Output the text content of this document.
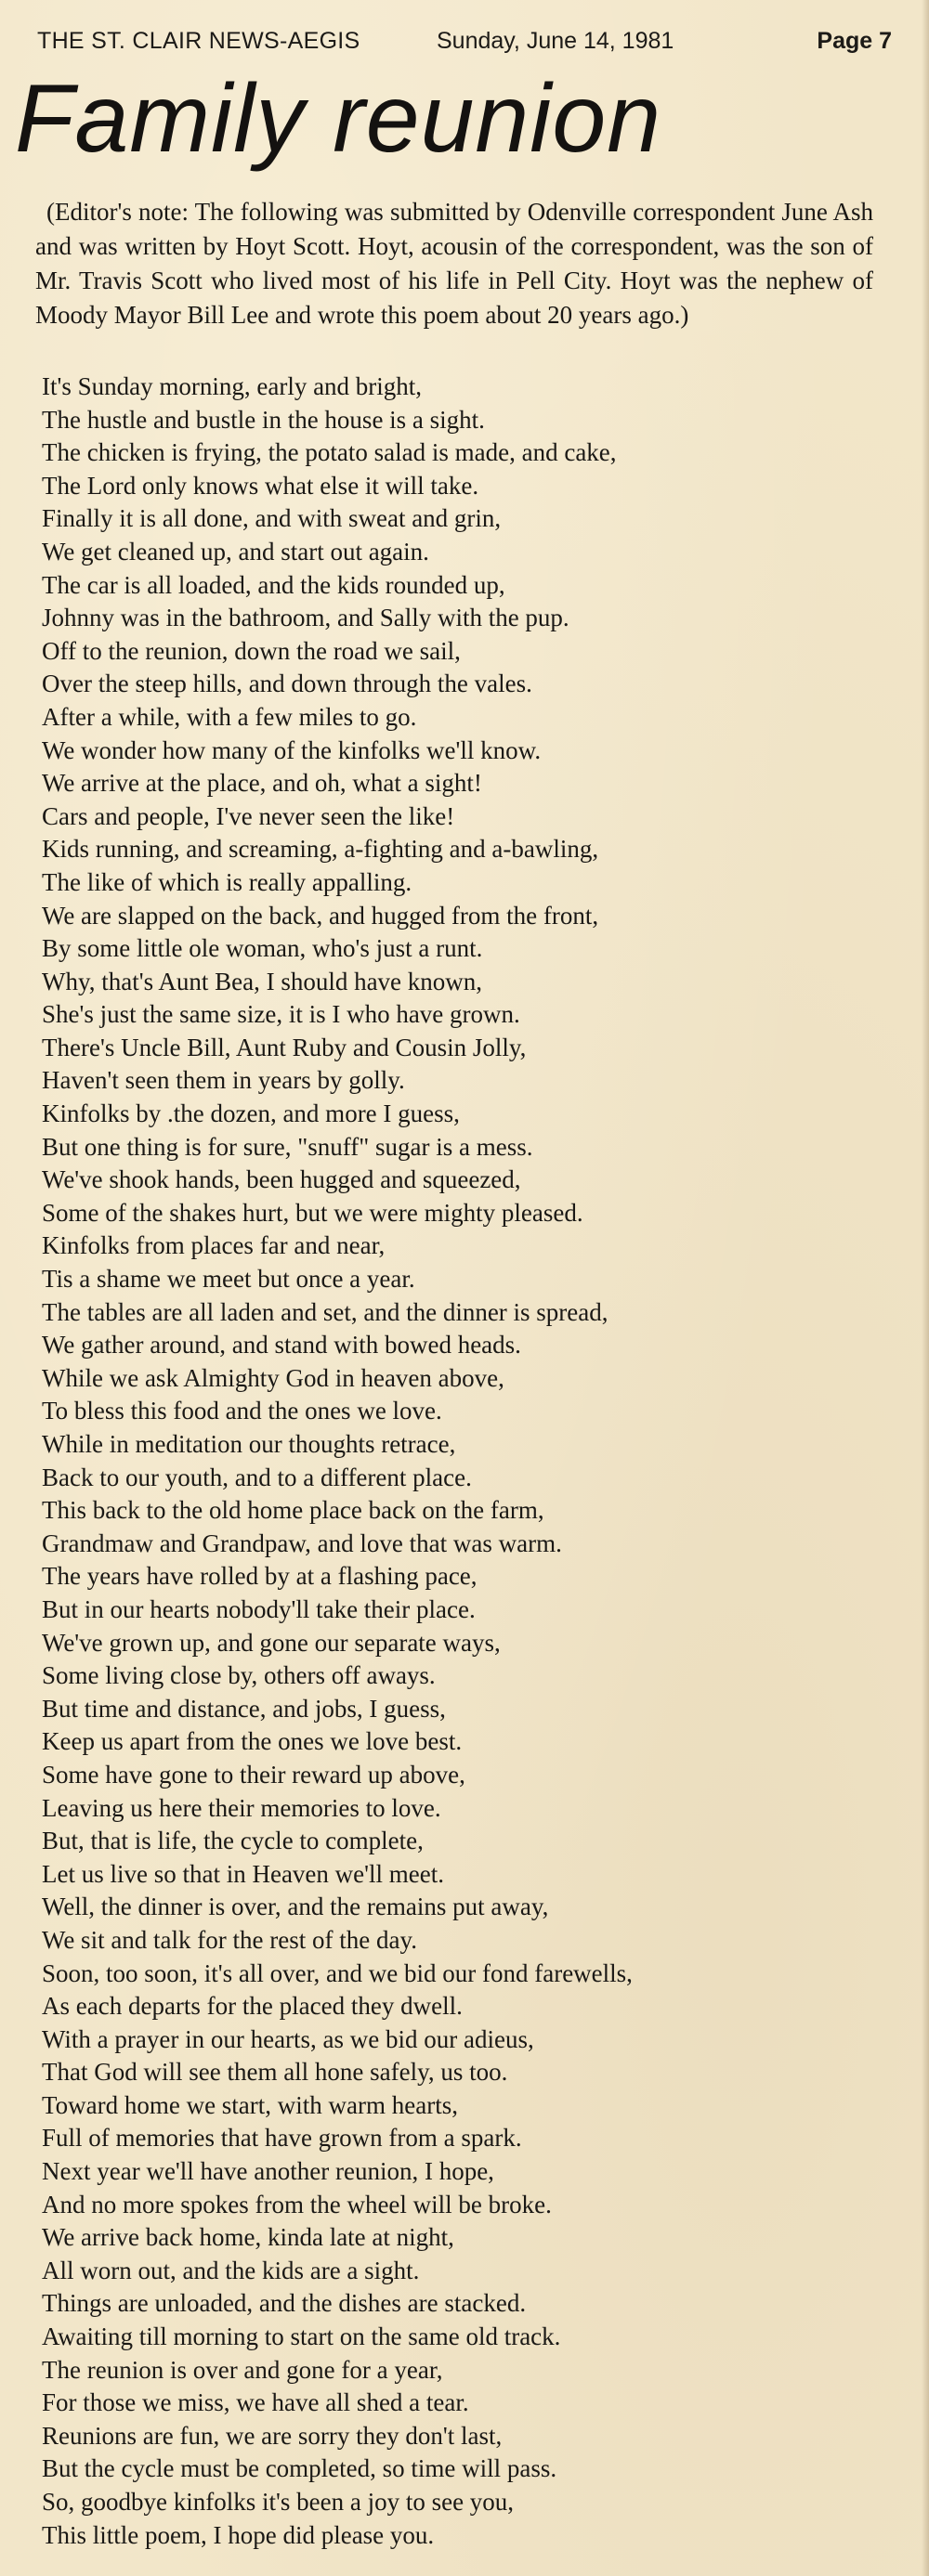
THE ST. CLAIR NEWS-AEGIS	Sunday, June 14, 1981	Page 7
Family reunion

(Editor's note: The following was submitted by Odenville correspondent June Ash and was written by Hoyt Scott. Hoyt, acousin of the correspondent, was the son of Mr. Travis Scott who lived most of his life in Pell City. Hoyt was the nephew of Moody Mayor Bill Lee and wrote this poem about 20 years ago.)

It's Sunday morning, early and bright,
The hustle and bustle in the house is a sight.
The chicken is frying, the potato salad is made, and cake,
The Lord only knows what else it will take.
Finally it is all done, and with sweat and grin,
We get cleaned up, and start out again.
The car is all loaded, and the kids rounded up,
Johnny was in the bathroom, and Sally with the pup.
Off to the reunion, down the road we sail,
Over the steep hills, and down through the vales.
After a while, with a few miles to go.
We wonder how many of the kinfolks we'll know.
We arrive at the place, and oh, what a sight!
Cars and people, I've never seen the like!
Kids running, and screaming, a-fighting and a-bawling,
The like of which is really appalling.
We are slapped on the back, and hugged from the front,
By some little ole woman, who's just a runt.
Why, that's Aunt Bea, I should have known,
She's just the same size, it is I who have grown.
There's Uncle Bill, Aunt Ruby and Cousin Jolly,
Haven't seen them in years by golly.
Kinfolks by .the dozen, and more I guess,
But one thing is for sure, "snuff" sugar is a mess.
We've shook hands, been hugged and squeezed,
Some of the shakes hurt, but we were mighty pleased.
Kinfolks from places far and near,
Tis a shame we meet but once a year.
The tables are all laden and set, and the dinner is spread,
We gather around, and stand with bowed heads.
While we ask Almighty God in heaven above,
To bless this food and the ones we love.
While in meditation our thoughts retrace,
Back to our youth, and to a different place.
This back to the old home place back on the farm,
Grandmaw and Grandpaw, and love that was warm.
The years have rolled by at a flashing pace,
But in our hearts nobody'll take their place.
We've grown up, and gone our separate ways,
Some living close by, others off aways.
But time and distance, and jobs, I guess,
Keep us apart from the ones we love best.
Some have gone to their reward up above,
Leaving us here their memories to love.
But, that is life, the cycle to complete,
Let us live so that in Heaven we'll meet.
Well, the dinner is over, and the remains put away,
We sit and talk for the rest of the day.
Soon, too soon, it's all over, and we bid our fond farewells,
As each departs for the placed they dwell.
With a prayer in our hearts, as we bid our adieus,
That God will see them all hone safely, us too.
Toward home we start, with warm hearts,
Full of memories that have grown from a spark.
Next year we'll have another reunion, I hope,
And no more spokes from the wheel will be broke.
We arrive back home, kinda late at night,
All worn out, and the kids are a sight.
Things are unloaded, and the dishes are stacked.
Awaiting till morning to start on the same old track.
The reunion is over and gone for a year,
For those we miss, we have all shed a tear.
Reunions are fun, we are sorry they don't last,
But the cycle must be completed, so time will pass.
So, goodbye kinfolks it's been a joy to see you,
This little poem, I hope did please you.
